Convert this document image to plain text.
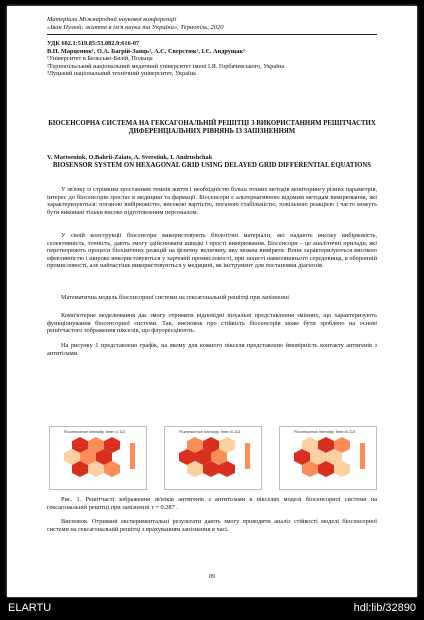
Матеріали Міжнародної наукової конференції
«Іван Пулюй: життя в ім'я науки та України», Тернопіль, 2020
УДК 602.1:519.85:53.082.9:616-07
В.П. Марценюк¹, О.А. Багрій-Заяць², А.С. Сверстюк², І.Є. Андрущак³
¹Університет в Бельсько-Бялій, Польща
²Тернопільський національний медичний університет імені І.Я. Горбачевського, Україна
³Луцький національний технічний університет, Україна
БІОСЕНСОРНА СИСТЕМА НА ГЕКСАГОНАЛЬНІЙ РЕШІТЦІ З ВИКОРИСТАННЯМ РЕШІТЧАСТИХ ДИФЕРЕНЦІАЛЬНИХ РІВНЯНЬ ІЗ ЗАПІЗНЕННЯМ
V. Martseniuk, O.Bahrii-Zaiats, A. Sverstiuk, I. Andrushchak
BIOSENSOR SYSTEM ON HEXAGONAL GRID USING DELAYED GRID DIFFERENTIAL EQUATIONS
У зв'язку із стрімким зростанням темпів життя і необхідністю більш точних методів моніторингу різних параметрів, інтерес до біосенсорів зростає в медицині та фармації. Біосенсори є альтернативною відомим методам вимірювання, які характеризуються: поганою вибірковістю, високою вартістю, поганою стабільністю, повільною реакцією і часто можуть бути виконані тільки високо підготовленим персоналом.
У своїй конструкції біосенсори використовують біологічні матеріали, які надають високу вибірковість, селективність, точність, дають змогу здійснювати швидкі і прості вимірювання. Біосенсори – це аналітичні прилади, які перетворюють процеси біохімічних реакцій на фізичну величину, яку можна виміряти. Вони характеризуються високою ефективністю і широко використовуються у харчовій промисловості, при захисті навколишнього середовища, в оборонній промисловості, але найчастіше використовуються у медицині, як інструмент для постановки діагнозів.
Математична модель біосенсорної системи на гексагональній решітці при запізненні
Комп'ютерне моделювання дає змогу отримати відповідні візуальні представлення змінних, що характеризують функціонування біосенсорної системи. Так, висновок про стійкість біосенсорів може бути зроблено на основі решітчастого зображення пікселів, що флуоресціюють.
На рисунку 1 представлено графік, на якому для кожного пікселя представлено ймовірність контакту антигенів з антитілами.
Fluorescence intensity, time=4.113	Fluorescence intensity, time=5.113	Fluorescence intensity, time=6.113
Рис. 1. Решітчасті зображення зв'язків антигенів з антитілами в пікселях моделі біосенсорної системи на гексагональній решітці при запізненні τ = 0.287 .
Висновок. Отримані експериментальні результати дають змогу проводити аналіз стійкості моделі біосенсорної системи на гексагональній решітці з врахуванням запізнення в часі.
89
ELARTU	hdl:lib/32890
